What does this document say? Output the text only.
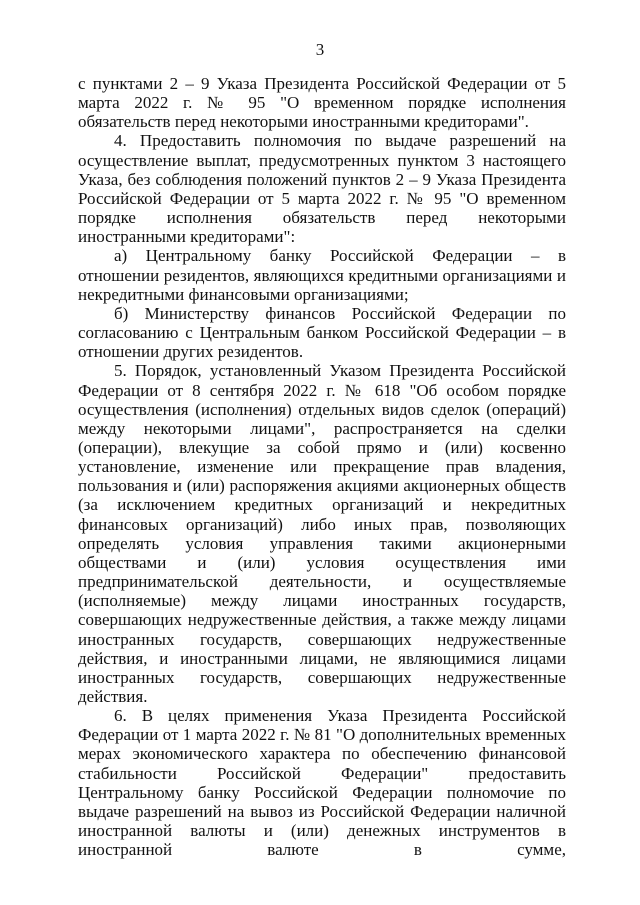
3

с пунктами 2 – 9 Указа Президента Российской Федерации от 5 марта 2022 г. № 95 "О временном порядке исполнения обязательств перед некоторыми иностранными кредиторами".

4. Предоставить полномочия по выдаче разрешений на осуществление выплат, предусмотренных пунктом 3 настоящего Указа, без соблюдения положений пунктов 2 – 9 Указа Президента Российской Федерации от 5 марта 2022 г. № 95 "О временном порядке исполнения обязательств перед некоторыми иностранными кредиторами":

а) Центральному банку Российской Федерации – в отношении резидентов, являющихся кредитными организациями и некредитными финансовыми организациями;

б) Министерству финансов Российской Федерации по согласованию с Центральным банком Российской Федерации – в отношении других резидентов.

5. Порядок, установленный Указом Президента Российской Федерации от 8 сентября 2022 г. № 618 "Об особом порядке осуществления (исполнения) отдельных видов сделок (операций) между некоторыми лицами", распространяется на сделки (операции), влекущие за собой прямо и (или) косвенно установление, изменение или прекращение прав владения, пользования и (или) распоряжения акциями акционерных обществ (за исключением кредитных организаций и некредитных финансовых организаций) либо иных прав, позволяющих определять условия управления такими акционерными обществами и (или) условия осуществления ими предпринимательской деятельности, и осуществляемые (исполняемые) между лицами иностранных государств, совершающих недружественные действия, а также между лицами иностранных государств, совершающих недружественные действия, и иностранными лицами, не являющимися лицами иностранных государств, совершающих недружественные действия.

6. В целях применения Указа Президента Российской Федерации от 1 марта 2022 г. № 81 "О дополнительных временных мерах экономического характера по обеспечению финансовой стабильности Российской Федерации" предоставить Центральному банку Российской Федерации полномочие по выдаче разрешений на вывоз из Российской Федерации наличной иностранной валюты и (или) денежных инструментов в иностранной валюте в сумме,
